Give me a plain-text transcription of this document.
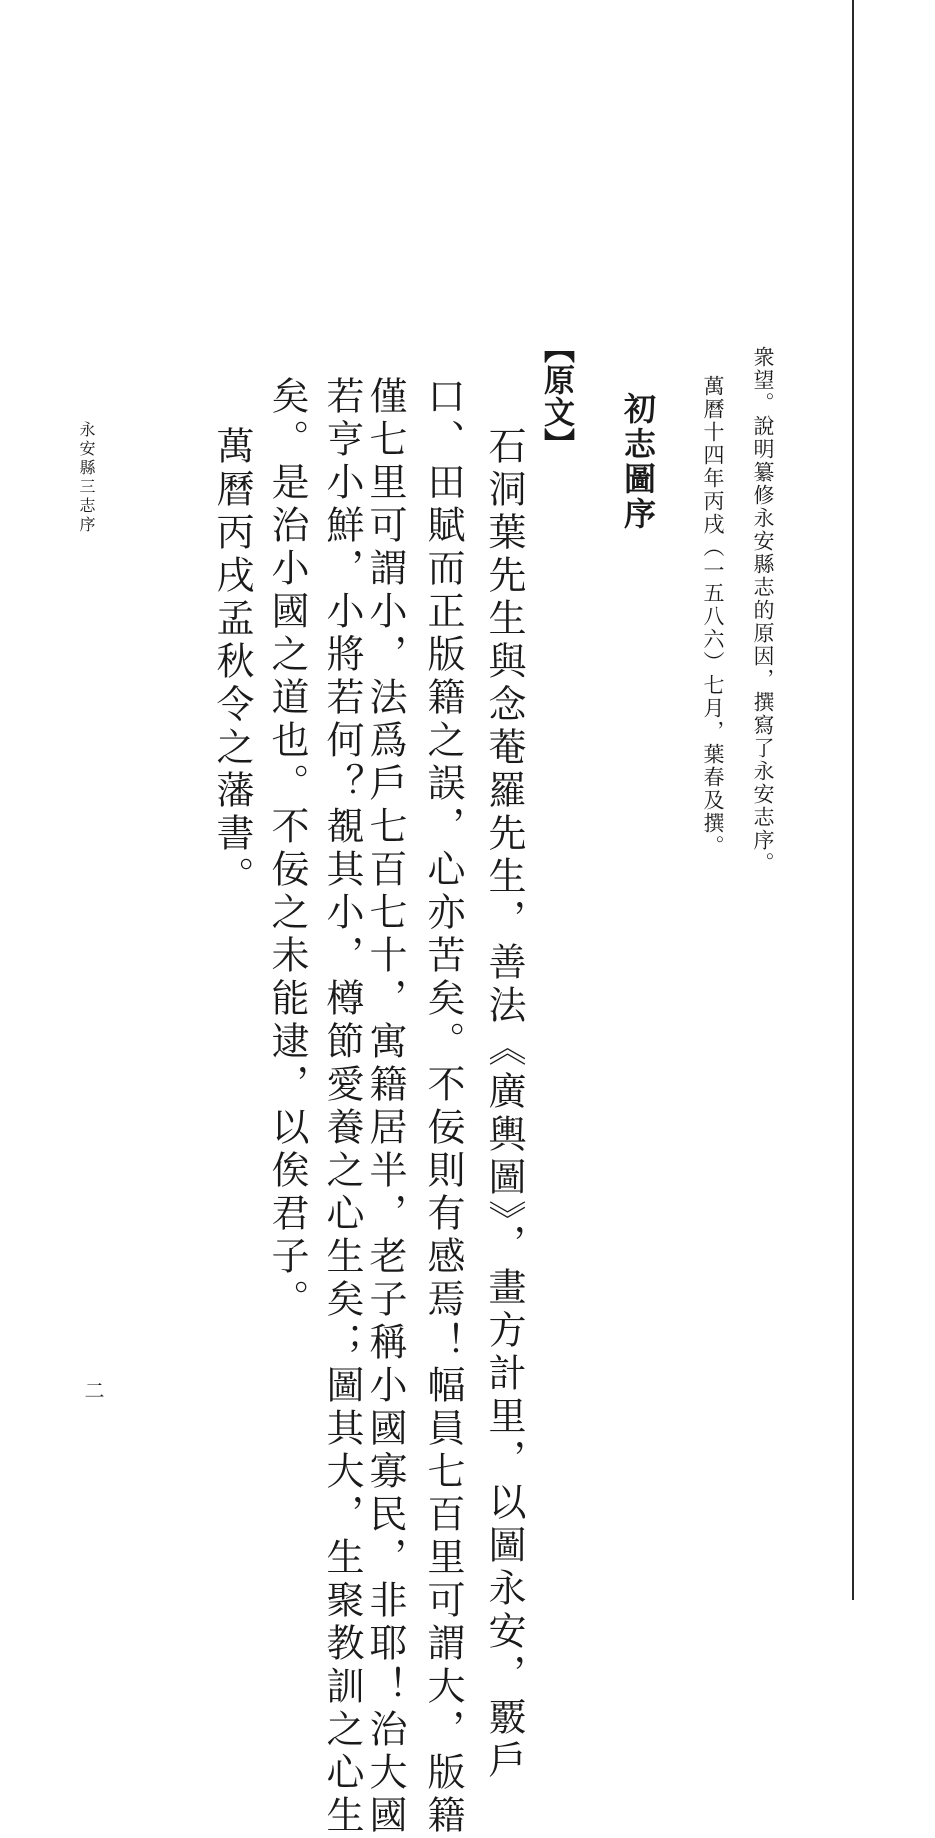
衆望。說明纂修永安縣志的原因，撰寫了永安志序。
萬曆十四年丙戌（一五八六）七月，葉春及撰。
初志圖序
【原文】
石洞葉先生與念菴羅先生，善法《廣輿圖》，畫方計里，以圖永安，覈戶
口、田賦而正版籍之誤，心亦苦矣。不佞則有感焉！幅員七百里可謂大，版籍
僅七里可謂小，法爲戶七百七十，寓籍居半，老子稱小國寡民，非耶！治大國
若亨小鮮，小將若何？覩其小，樽節愛養之心生矣；圖其大，生聚教訓之心生
矣。是治小國之道也。不佞之未能逮，以俟君子。
萬曆丙戌孟秋令之藩書。
永安縣三志序
二
